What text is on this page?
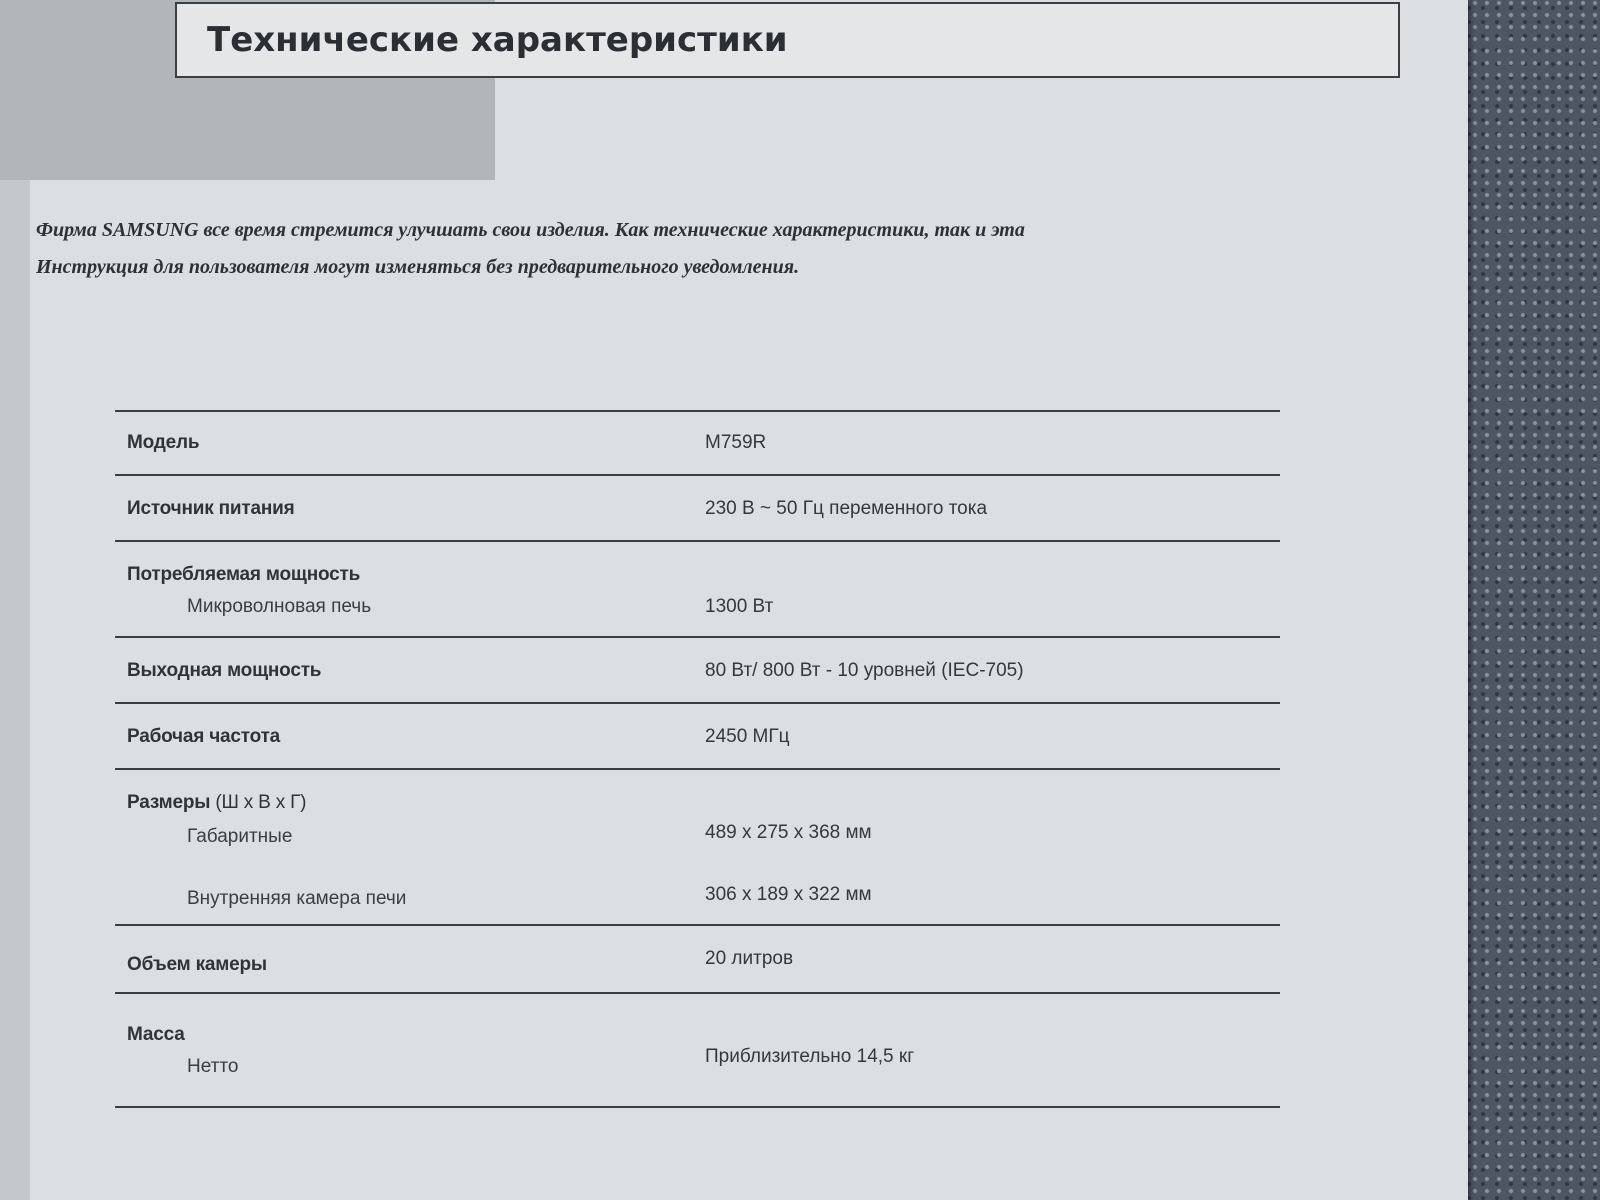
Технические характеристики
Фирма SAMSUNG все время стремится улучшать свои изделия. Как технические характеристики, так и эта
Инструкция для пользователя могут изменяться без предварительного уведомления.
Модель	M759R
Источник питания	230 В ~ 50 Гц переменного тока
Потребляемая мощность
Микроволновая печь	1300 Вт
Выходная мощность	80 Вт/ 800 Вт - 10 уровней (IEC-705)
Рабочая частота	2450 МГц
Размеры (Ш x В x Г)
Габаритные	489 x 275 x 368 мм
Внутренняя камера печи	306 x 189 x 322 мм
Объем камеры	20 литров
Масса
Нетто	Приблизительно 14,5 кг
